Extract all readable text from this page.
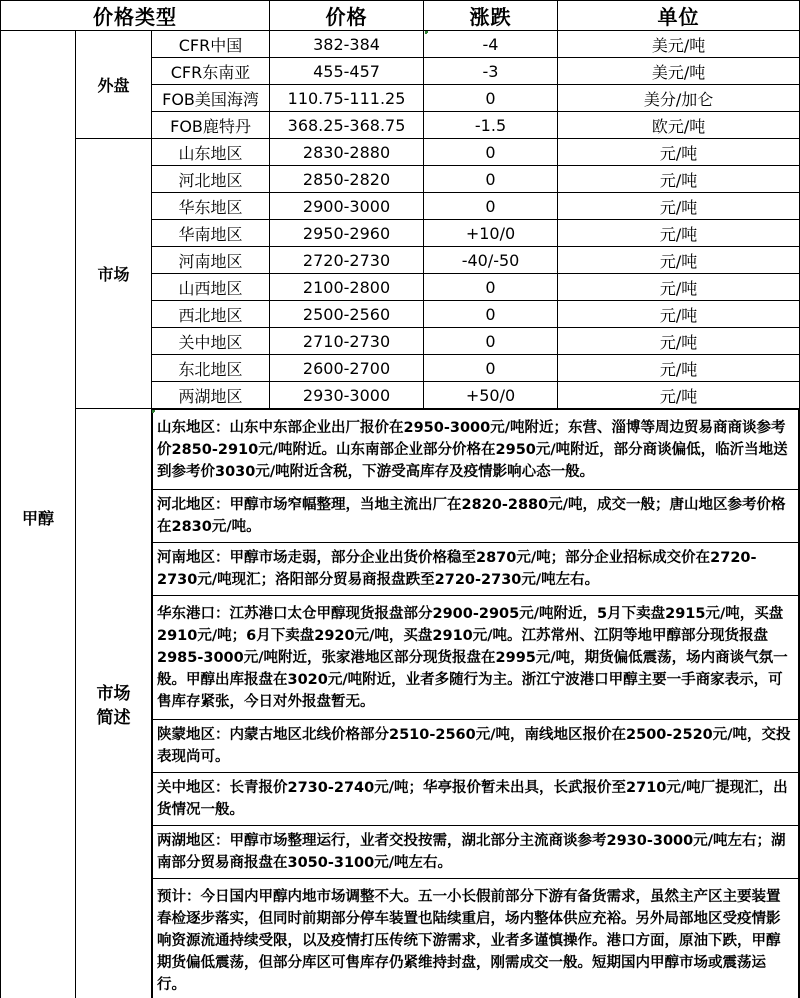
价格类型	价格	涨跌	单位
甲醇	外盘	CFR中国	382-384	-4	美元/吨
CFR东南亚	455-457	-3	美元/吨
FOB美国海湾	110.75-111.25	0	美分/加仑
FOB鹿特丹	368.25-368.75	-1.5	欧元/吨
市场	山东地区	2830-2880	0	元/吨
河北地区	2850-2820	0	元/吨
华东地区	2900-3000	0	元/吨
华南地区	2950-2960	+10/0	元/吨
河南地区	2720-2730	-40/-50	元/吨
山西地区	2100-2800	0	元/吨
西北地区	2500-2560	0	元/吨
关中地区	2710-2730	0	元/吨
东北地区	2600-2700	0	元/吨
两湖地区	2930-3000	+50/0	元/吨

市场
简述

山东地区：山东中东部企业出厂报价在2950-3000元/吨附近；东营、淄博等周边贸易商商谈参考价2850-2910元/吨附近。山东南部企业部分价格在2950元/吨附近，部分商谈偏低，临沂当地送到参考价3030元/吨附近含税，下游受高库存及疫情影响心态一般。
河北地区：甲醇市场窄幅整理，当地主流出厂在2820-2880元/吨，成交一般；唐山地区参考价格在2830元/吨。
河南地区：甲醇市场走弱，部分企业出货价格稳至2870元/吨；部分企业招标成交价在2720-2730元/吨现汇；洛阳部分贸易商报盘跌至2720-2730元/吨左右。
华东港口：江苏港口太仓甲醇现货报盘部分2900-2905元/吨附近，5月下卖盘2915元/吨，买盘2910元/吨；6月下卖盘2920元/吨，买盘2910元/吨。江苏常州、江阴等地甲醇部分现货报盘2985-3000元/吨附近，张家港地区部分现货报盘在2995元/吨，期货偏低震荡，场内商谈气氛一般。甲醇出库报盘在3020元/吨附近，业者多随行为主。浙江宁波港口甲醇主要一手商家表示，可售库存紧张，今日对外报盘暂无。
陕蒙地区：内蒙古地区北线价格部分2510-2560元/吨，南线地区报价在2500-2520元/吨，交投表现尚可。
关中地区：长青报价2730-2740元/吨；华亭报价暂未出具，长武报价至2710元/吨厂提现汇，出货情况一般。
两湖地区：甲醇市场整理运行，业者交投按需，湖北部分主流商谈参考2930-3000元/吨左右；湖南部分贸易商报盘在3050-3100元/吨左右。
预计：今日国内甲醇内地市场调整不大。五一小长假前部分下游有备货需求，虽然主产区主要装置春检逐步落实，但同时前期部分停车装置也陆续重启，场内整体供应充裕。另外局部地区受疫情影响资源流通持续受限，以及疫情打压传统下游需求，业者多谨慎操作。港口方面，原油下跌，甲醇期货偏低震荡，但部分库区可售库存仍紧维持封盘，刚需成交一般。短期国内甲醇市场或震荡运行。
